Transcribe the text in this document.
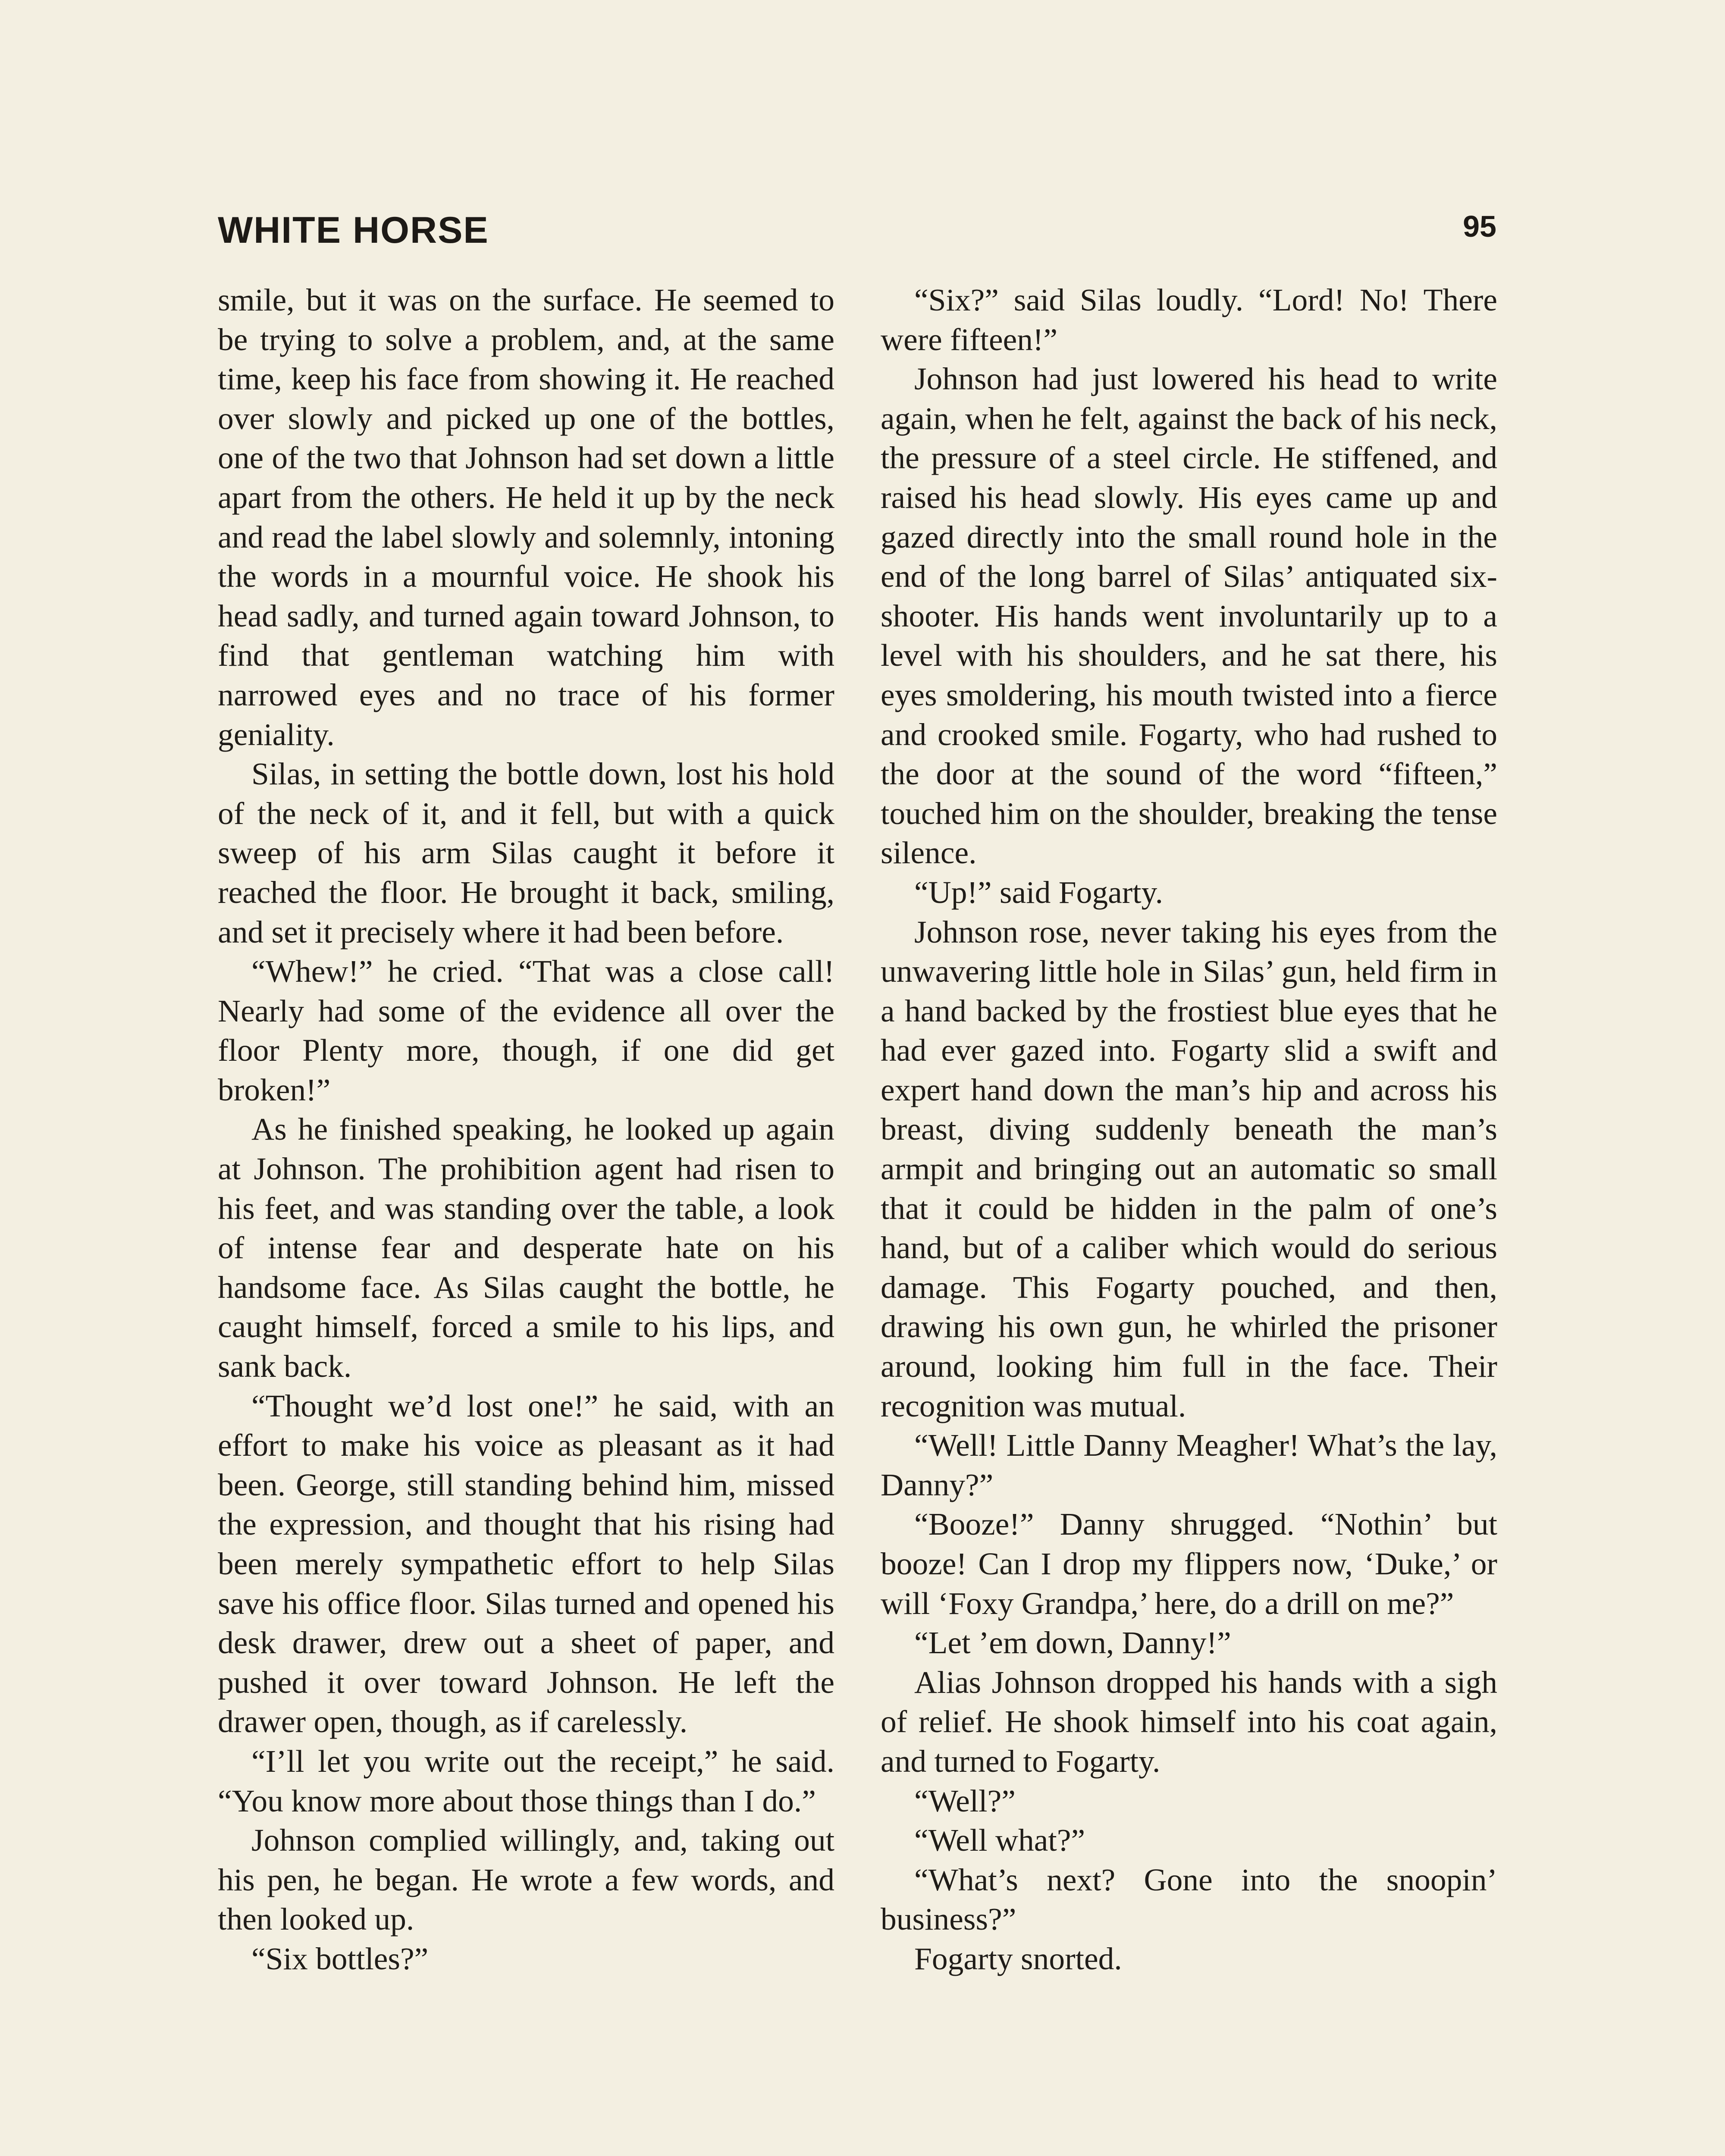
WHITE HORSE	95

smile, but it was on the surface. He seemed to be trying to solve a problem, and, at the same time, keep his face from showing it. He reached over slowly and picked up one of the bottles, one of the two that Johnson had set down a little apart from the others. He held it up by the neck and read the label slowly and solemnly, intoning the words in a mournful voice. He shook his head sadly, and turned again toward Johnson, to find that gentleman watching him with narrowed eyes and no trace of his former geniality.

Silas, in setting the bottle down, lost his hold of the neck of it, and it fell, but with a quick sweep of his arm Silas caught it before it reached the floor. He brought it back, smiling, and set it precisely where it had been before.

“Whew!” he cried. “That was a close call! Nearly had some of the evidence all over the floor Plenty more, though, if one did get broken!”

As he finished speaking, he looked up again at Johnson. The prohibition agent had risen to his feet, and was standing over the table, a look of intense fear and desperate hate on his handsome face. As Silas caught the bottle, he caught himself, forced a smile to his lips, and sank back.

“Thought we’d lost one!” he said, with an effort to make his voice as pleasant as it had been. George, still standing behind him, missed the expression, and thought that his rising had been merely sympathetic effort to help Silas save his office floor. Silas turned and opened his desk drawer, drew out a sheet of paper, and pushed it over toward Johnson. He left the drawer open, though, as if carelessly.

“I’ll let you write out the receipt,” he said. “You know more about those things than I do.”

Johnson complied willingly, and, taking out his pen, he began. He wrote a few words, and then looked up.

“Six bottles?”

“Six?” said Silas loudly. “Lord! No! There were fifteen!”

Johnson had just lowered his head to write again, when he felt, against the back of his neck, the pressure of a steel circle. He stiffened, and raised his head slowly. His eyes came up and gazed directly into the small round hole in the end of the long barrel of Silas’ antiquated six-shooter. His hands went involuntarily up to a level with his shoulders, and he sat there, his eyes smoldering, his mouth twisted into a fierce and crooked smile. Fogarty, who had rushed to the door at the sound of the word “fifteen,” touched him on the shoulder, breaking the tense silence.

“Up!” said Fogarty.

Johnson rose, never taking his eyes from the unwavering little hole in Silas’ gun, held firm in a hand backed by the frostiest blue eyes that he had ever gazed into. Fogarty slid a swift and expert hand down the man’s hip and across his breast, diving suddenly beneath the man’s armpit and bringing out an automatic so small that it could be hidden in the palm of one’s hand, but of a caliber which would do serious damage. This Fogarty pouched, and then, drawing his own gun, he whirled the prisoner around, looking him full in the face. Their recognition was mutual.

“Well! Little Danny Meagher! What’s the lay, Danny?”

“Booze!” Danny shrugged. “Nothin’ but booze! Can I drop my flippers now, ‘Duke,’ or will ‘Foxy Grandpa,’ here, do a drill on me?”

“Let ’em down, Danny!”

Alias Johnson dropped his hands with a sigh of relief. He shook himself into his coat again, and turned to Fogarty.

“Well?”

“Well what?”

“What’s next? Gone into the snoopin’ business?”

Fogarty snorted.
